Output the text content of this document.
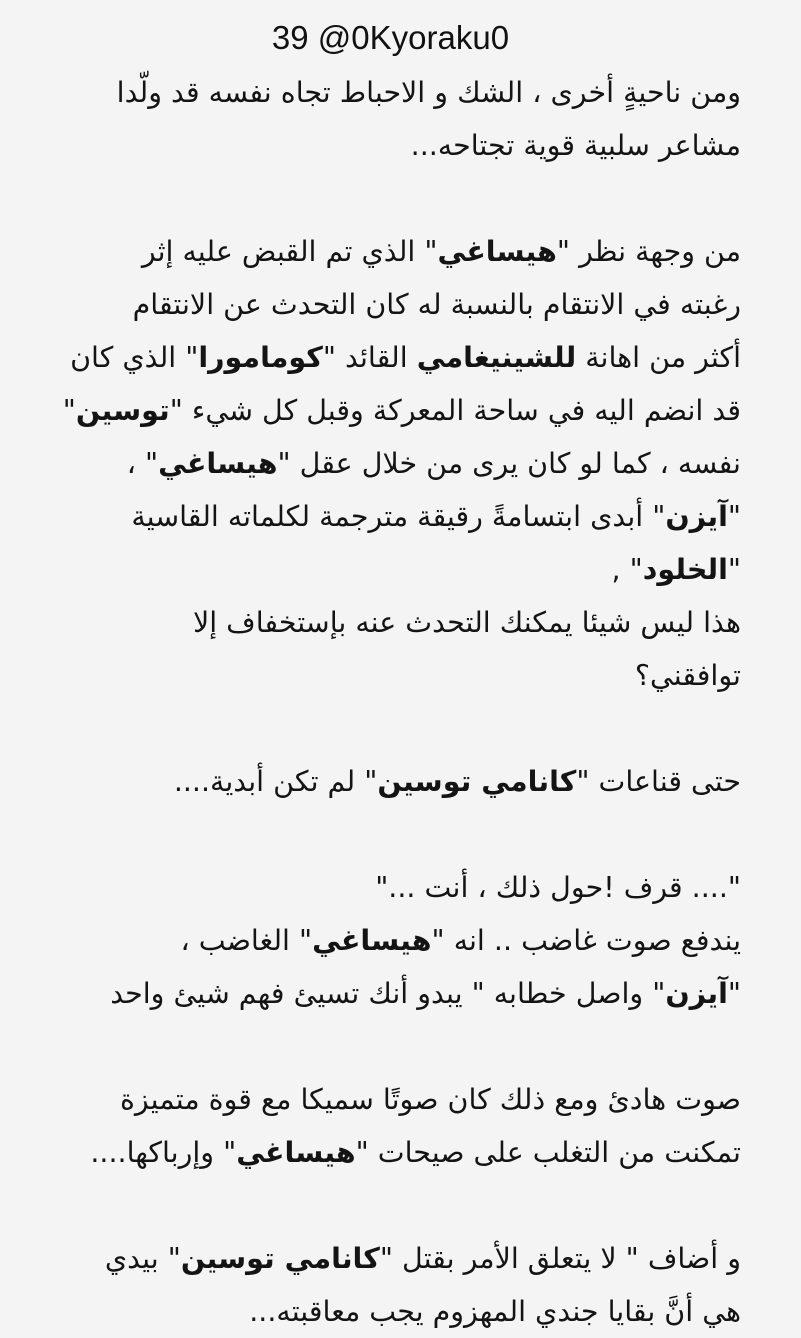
39 @0Kyoraku0
ومن ناحيةٍ أخرى ، الشك و الاحباط تجاه نفسه قد ولّدا
مشاعر سلبية قوية تجتاحه...
من وجهة نظر "هيساغي" الذي تم القبض عليه إثر
رغبته في الانتقام بالنسبة له كان التحدث عن الانتقام
أكثر من اهانة للشينيغامي القائد "كومامورا" الذي كان
قد انضم اليه في ساحة المعركة وقبل كل شيء "توسين"
نفسه ، كما لو كان يرى من خلال عقل "هيساغي" ،
"آيزن" أبدى ابتسامةً رقيقة مترجمة لكلماته القاسية
"الخلود" ,
هذا ليس شيئا يمكنك التحدث عنه بإستخفاف إلا
توافقني؟
حتى قناعات "كانامي توسين" لم تكن أبدية....
".... قرف !حول ذلك ، أنت ..."
يندفع صوت غاضب .. انه "هيساغي" الغاضب ،
"آيزن" واصل خطابه " يبدو أنك تسيئ فهم شيئ واحد
صوت هادئ ومع ذلك كان صوتًا سميكا مع قوة متميزة
تمكنت من التغلب على صيحات "هيساغي" وإرباكها....
و أضاف " لا يتعلق الأمر بقتل "كانامي توسين" بيدي
هي أنَّ بقايا جندي المهزوم يجب معاقبته...
